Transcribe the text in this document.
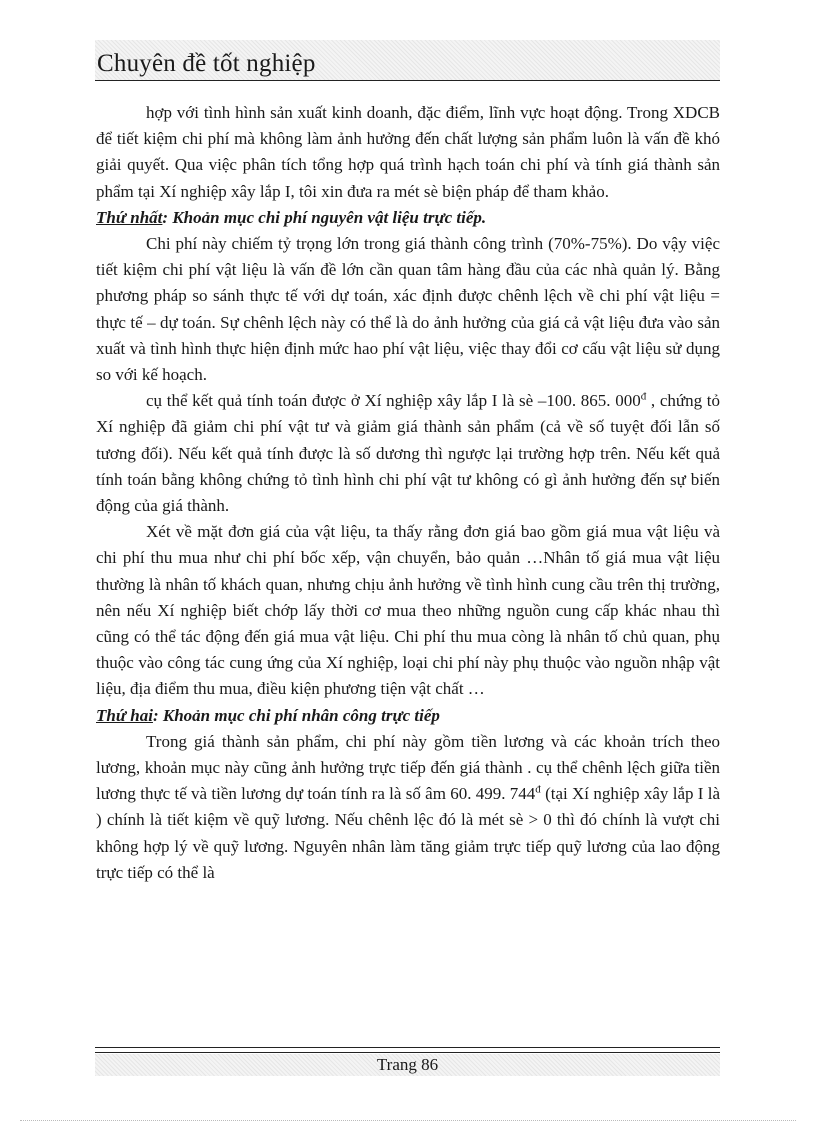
Chuyên đề tốt nghiệp

hợp với tình hình sản xuất kinh doanh, đặc điểm, lĩnh vực hoạt động. Trong XDCB để tiết kiệm chi phí mà không làm ảnh hưởng đến chất lượng sản phẩm luôn là vấn đề khó giải quyết. Qua việc phân tích tổng hợp quá trình hạch toán chi phí và tính giá thành sản phẩm tại Xí nghiệp xây lắp I, tôi xin đưa ra mét sè biện pháp để tham khảo.

Thứ nhất: Khoản mục chi phí nguyên vật liệu trực tiếp.

Chi phí này chiếm tỷ trọng lớn trong giá thành công trình (70%-75%). Do vậy việc tiết kiệm chi phí vật liệu là vấn đề lớn cần quan tâm hàng đầu của các nhà quản lý. Bằng phương pháp so sánh thực tế với dự toán, xác định được chênh lệch về chi phí vật liệu = thực tế – dự toán. Sự chênh lệch này có thể là do ảnh hưởng của giá cả vật liệu đưa vào sản xuất và tình hình thực hiện định mức hao phí vật liệu, việc thay đổi cơ cấu vật liệu sử dụng so với kế hoạch.

cụ thể kết quả tính toán được ở Xí nghiệp xây lắp I là sè –100. 865. $000^đ$ , chứng tỏ Xí nghiệp đã giảm chi phí vật tư và giảm giá thành sản phẩm (cả về số tuyệt đối lẫn số tương đối). Nếu kết quả tính được là số dương thì ngược lại trường hợp trên. Nếu kết quả tính toán bằng không chứng tỏ tình hình chi phí vật tư không có gì ảnh hưởng đến sự biến động của giá thành.

Xét về mặt đơn giá của vật liệu, ta thấy rằng đơn giá bao gồm giá mua vật liệu và chi phí thu mua như chi phí bốc xếp, vận chuyển, bảo quản …Nhân tố giá mua vật liệu thường là nhân tố khách quan, nhưng chịu ảnh hưởng về tình hình cung cầu trên thị trường, nên nếu Xí nghiệp biết chớp lấy thời cơ mua theo những nguồn cung cấp khác nhau thì cũng có thể tác động đến giá mua vật liệu. Chi phí thu mua còng là nhân tố chủ quan, phụ thuộc vào công tác cung ứng của Xí nghiệp, loại chi phí này phụ thuộc vào nguồn nhập vật liệu, địa điểm thu mua, điều kiện phương tiện vật chất …

Thứ hai: Khoản mục chi phí nhân công trực tiếp

Trong giá thành sản phẩm, chi phí này gồm tiền lương và các khoản trích theo lương, khoản mục này cũng ảnh hưởng trực tiếp đến giá thành . cụ thể chênh lệch giữa tiền lương thực tế và tiền lương dự toán tính ra là số âm 60. 499. $744^đ$ (tại Xí nghiệp xây lắp I là ) chính là tiết kiệm về quỹ lương. Nếu chênh lệc đó là mét sè > 0 thì đó chính là vượt chi không hợp lý về quỹ lương. Nguyên nhân làm tăng giảm trực tiếp quỹ lương của lao động trực tiếp có thể là

Trang 86
